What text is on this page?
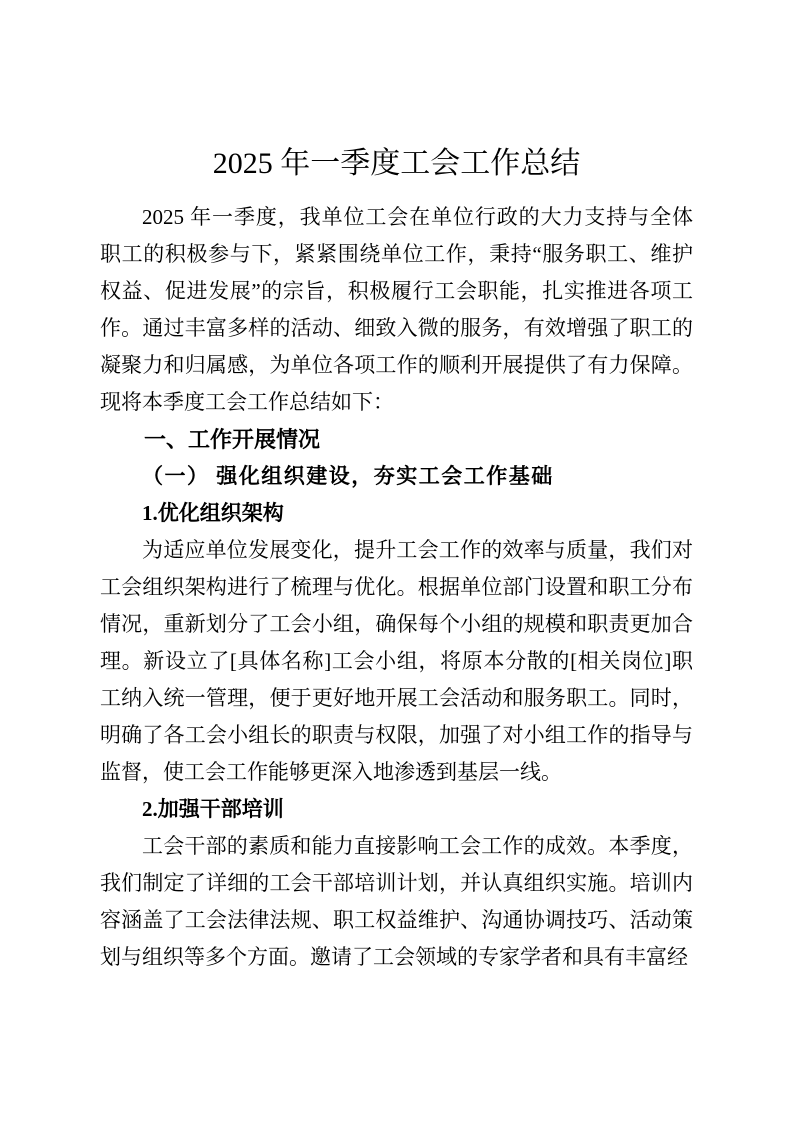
2025 年一季度工会工作总结

2025 年一季度，我单位工会在单位行政的大力支持与全体职工的积极参与下，紧紧围绕单位工作，秉持“服务职工、维护权益、促进发展”的宗旨，积极履行工会职能，扎实推进各项工作。通过丰富多样的活动、细致入微的服务，有效增强了职工的凝聚力和归属感，为单位各项工作的顺利开展提供了有力保障。现将本季度工会工作总结如下：

一、工作开展情况
（一） 强化组织建设，夯实工会工作基础
1.优化组织架构

为适应单位发展变化，提升工会工作的效率与质量，我们对工会组织架构进行了梳理与优化。根据单位部门设置和职工分布情况，重新划分了工会小组，确保每个小组的规模和职责更加合理。新设立了[具体名称]工会小组，将原本分散的[相关岗位]职工纳入统一管理，便于更好地开展工会活动和服务职工。同时，明确了各工会小组长的职责与权限，加强了对小组工作的指导与监督，使工会工作能够更深入地渗透到基层一线。

2.加强干部培训

工会干部的素质和能力直接影响工会工作的成效。本季度，我们制定了详细的工会干部培训计划，并认真组织实施。培训内容涵盖了工会法律法规、职工权益维护、沟通协调技巧、活动策划与组织等多个方面。邀请了工会领域的专家学者和具有丰富经
